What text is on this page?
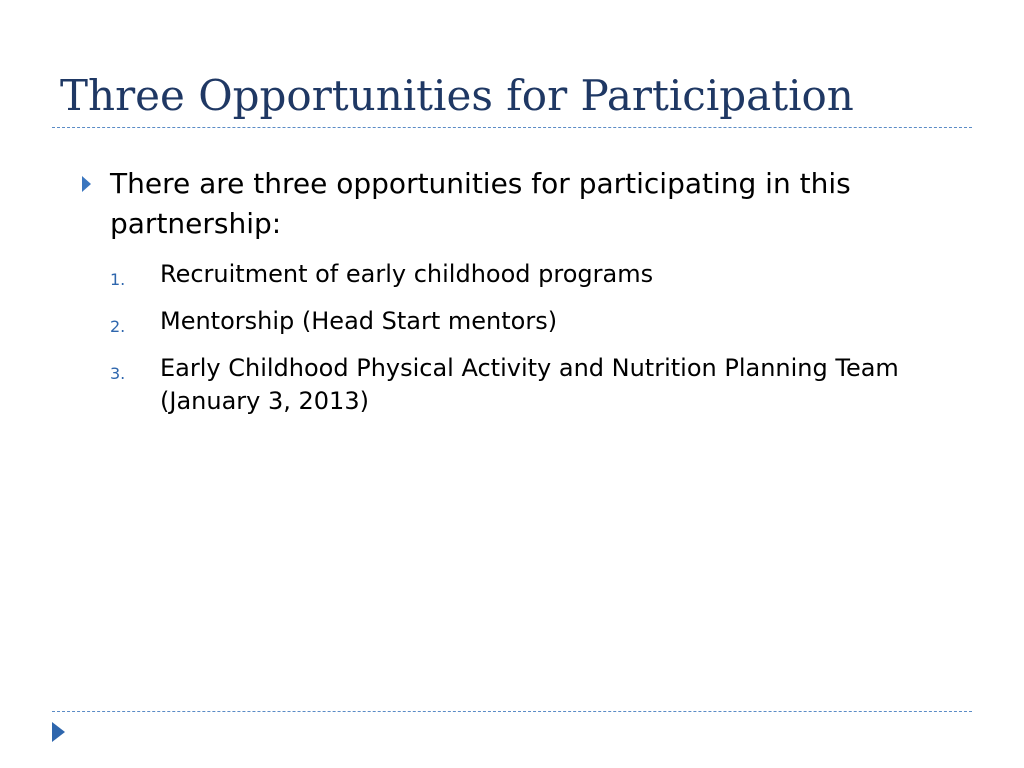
Three Opportunities for Participation
There are three opportunities for participating in this partnership:
1. Recruitment of early childhood programs
2. Mentorship (Head Start mentors)
3. Early Childhood Physical Activity and Nutrition Planning Team (January 3, 2013)
